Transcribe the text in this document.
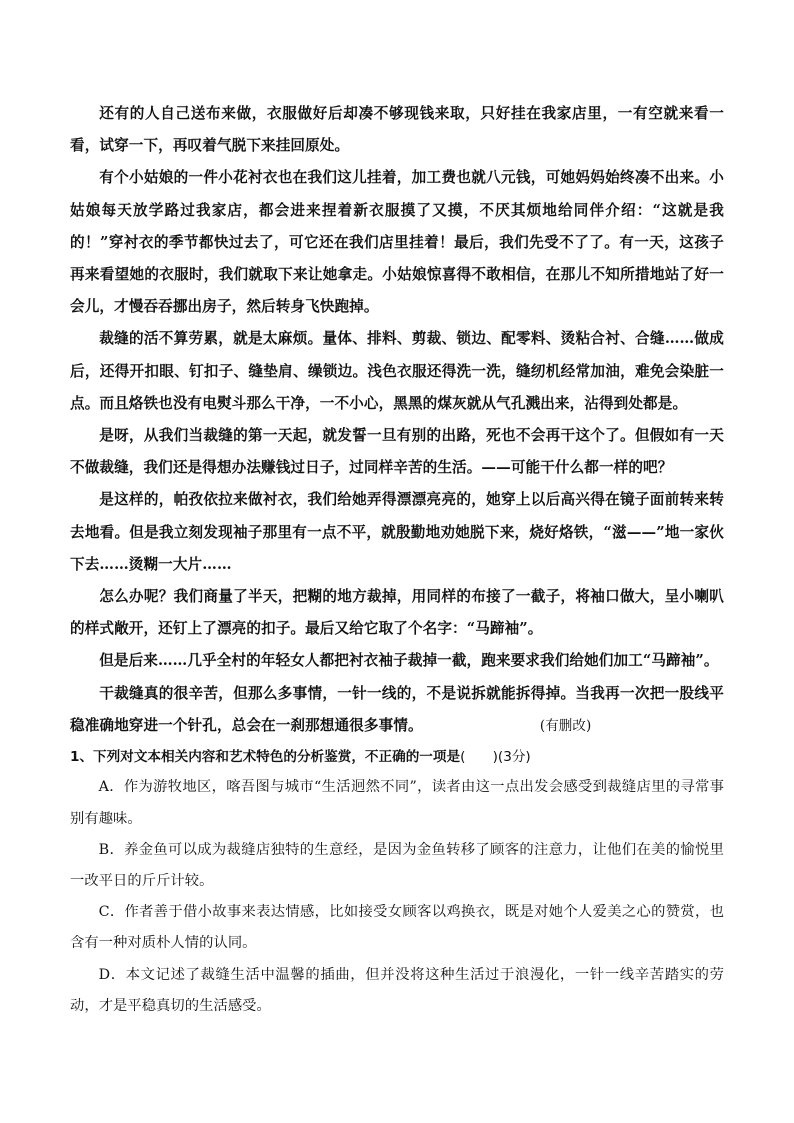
还有的人自己送布来做，衣服做好后却凑不够现钱来取，只好挂在我家店里，一有空就来看一看，试穿一下，再叹着气脱下来挂回原处。

有个小姑娘的一件小花衬衣也在我们这儿挂着，加工费也就八元钱，可她妈妈始终凑不出来。小姑娘每天放学路过我家店，都会进来捏着新衣服摸了又摸，不厌其烦地给同伴介绍：“这就是我的！”穿衬衣的季节都快过去了，可它还在我们店里挂着！最后，我们先受不了了。有一天，这孩子再来看望她的衣服时，我们就取下来让她拿走。小姑娘惊喜得不敢相信，在那儿不知所措地站了好一会儿，才慢吞吞挪出房子，然后转身飞快跑掉。

裁缝的活不算劳累，就是太麻烦。量体、排料、剪裁、锁边、配零料、烫粘合衬、合缝……做成后，还得开扣眼、钉扣子、缝垫肩、缲锁边。浅色衣服还得洗一洗，缝纫机经常加油，难免会染脏一点。而且烙铁也没有电熨斗那么干净，一不小心，黑黑的煤灰就从气孔溅出来，沾得到处都是。

是呀，从我们当裁缝的第一天起，就发誓一旦有别的出路，死也不会再干这个了。但假如有一天不做裁缝，我们还是得想办法赚钱过日子，过同样辛苦的生活。——可能干什么都一样的吧？

是这样的，帕孜依拉来做衬衣，我们给她弄得漂漂亮亮的，她穿上以后高兴得在镜子面前转来转去地看。但是我立刻发现袖子那里有一点不平，就殷勤地劝她脱下来，烧好烙铁，“滋——”地一家伙下去……烫糊一大片……

怎么办呢？我们商量了半天，把糊的地方裁掉，用同样的布接了一截子，将袖口做大，呈小喇叭的样式敞开，还钉上了漂亮的扣子。最后又给它取了个名字：“马蹄袖”。

但是后来……几乎全村的年轻女人都把衬衣袖子裁掉一截，跑来要求我们给她们加工“马蹄袖”。

干裁缝真的很辛苦，但那么多事情，一针一线的，不是说拆就能拆得掉。当我再一次把一股线平稳准确地穿进一个针孔，总会在一刹那想通很多事情。	(有删改)

1、下列对文本相关内容和艺术特色的分析鉴赏，不正确的一项是(　　)(3分)

A．作为游牧地区，喀吾图与城市“生活迥然不同”，读者由这一点出发会感受到裁缝店里的寻常事别有趣味。

B．养金鱼可以成为裁缝店独特的生意经，是因为金鱼转移了顾客的注意力，让他们在美的愉悦里一改平日的斤斤计较。

C．作者善于借小故事来表达情感，比如接受女顾客以鸡换衣，既是对她个人爱美之心的赞赏，也含有一种对质朴人情的认同。

D．本文记述了裁缝生活中温馨的插曲，但并没将这种生活过于浪漫化，一针一线辛苦踏实的劳动，才是平稳真切的生活感受。
